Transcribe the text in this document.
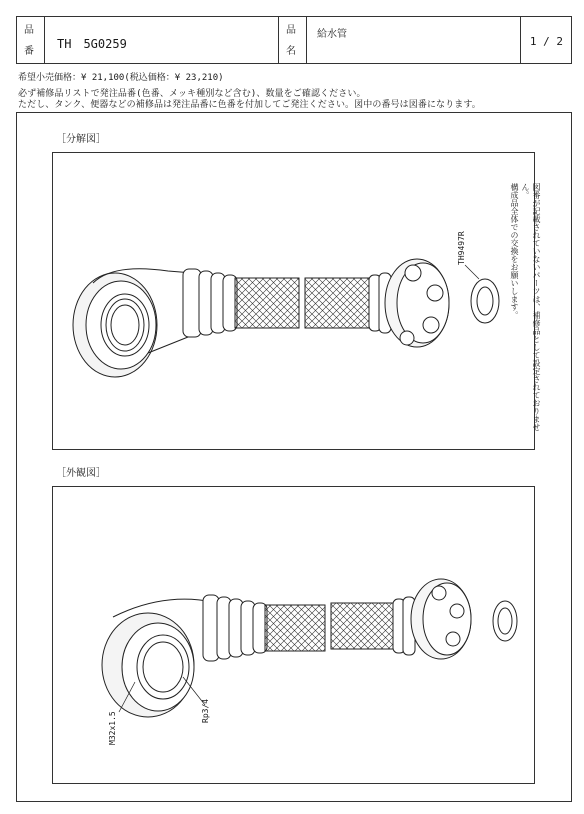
品
番
TH　5G0259
品
名
給水管
1 / 2
希望小売価格：¥ 21,100(税込価格：¥ 23,210)
必ず補修品リストで発注品番(色番、メッキ種別など含む)、数量をご確認ください。
ただし、タンク、便器などの補修品は発注品番に色番を付加してご発注ください。図中の番号は図番になります。
［分解図］
TH9497R	図番が記載されていないパーツは、補修品として設定されておりません。
構成品全体での交換をお願いします。
［外観図］
M32x1.5
Rp3/4
